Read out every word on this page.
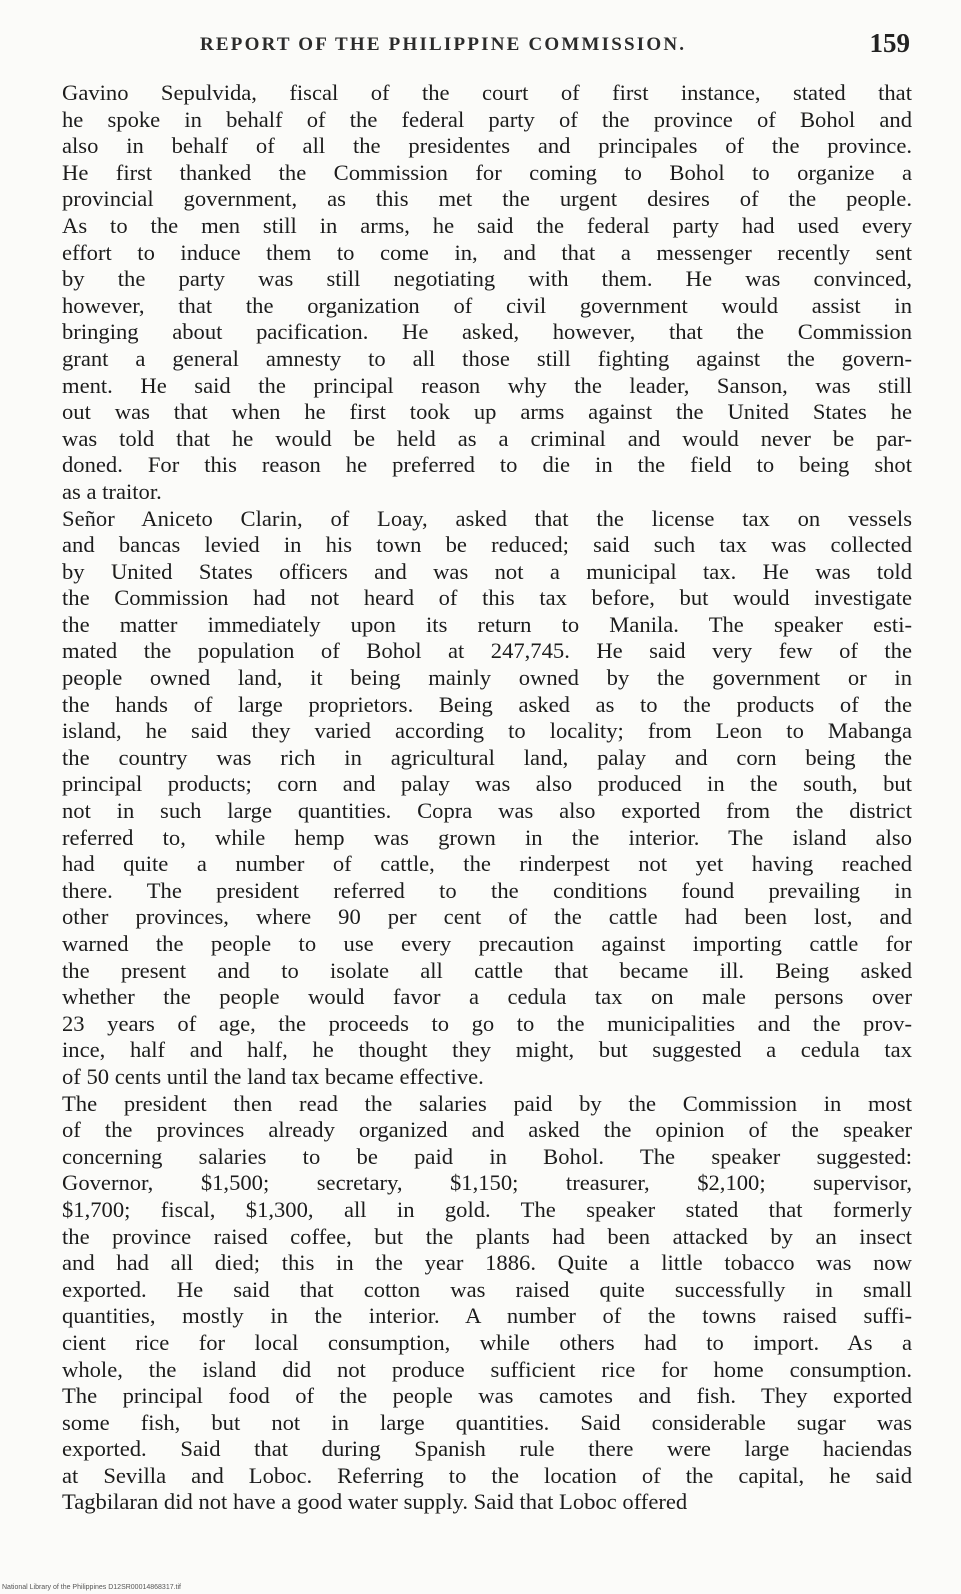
REPORT OF THE PHILIPPINE COMMISSION.	159

Gavino Sepulvida, fiscal of the court of first instance, stated that

he spoke in behalf of the federal party of the province of Bohol and

also in behalf of all the presidentes and principales of the province.

He first thanked the Commission for coming to Bohol to organize a

provincial government, as this met the urgent desires of the people.

As to the men still in arms, he said the federal party had used every

effort to induce them to come in, and that a messenger recently sent

by the party was still negotiating with them. He was convinced,

however, that the organization of civil government would assist in

bringing about pacification. He asked, however, that the Commission

grant a general amnesty to all those still fighting against the govern-

ment. He said the principal reason why the leader, Sanson, was still

out was that when he first took up arms against the United States he

was told that he would be held as a criminal and would never be par-

doned. For this reason he preferred to die in the field to being shot

as a traitor.

Señor Aniceto Clarin, of Loay, asked that the license tax on vessels

and bancas levied in his town be reduced; said such tax was collected

by United States officers and was not a municipal tax. He was told

the Commission had not heard of this tax before, but would investigate

the matter immediately upon its return to Manila. The speaker esti-

mated the population of Bohol at 247,745. He said very few of the

people owned land, it being mainly owned by the government or in

the hands of large proprietors. Being asked as to the products of the

island, he said they varied according to locality; from Leon to Mabanga

the country was rich in agricultural land, palay and corn being the

principal products; corn and palay was also produced in the south, but

not in such large quantities. Copra was also exported from the district

referred to, while hemp was grown in the interior. The island also

had quite a number of cattle, the rinderpest not yet having reached

there. The president referred to the conditions found prevailing in

other provinces, where 90 per cent of the cattle had been lost, and

warned the people to use every precaution against importing cattle for

the present and to isolate all cattle that became ill. Being asked

whether the people would favor a cedula tax on male persons over

23 years of age, the proceeds to go to the municipalities and the prov-

ince, half and half, he thought they might, but suggested a cedula tax

of 50 cents until the land tax became effective.

The president then read the salaries paid by the Commission in most

of the provinces already organized and asked the opinion of the speaker

concerning salaries to be paid in Bohol. The speaker suggested:

Governor, $1,500; secretary, $1,150; treasurer, $2,100; supervisor,

$1,700; fiscal, $1,300, all in gold. The speaker stated that formerly

the province raised coffee, but the plants had been attacked by an insect

and had all died; this in the year 1886. Quite a little tobacco was now

exported. He said that cotton was raised quite successfully in small

quantities, mostly in the interior. A number of the towns raised suffi-

cient rice for local consumption, while others had to import. As a

whole, the island did not produce sufficient rice for home consumption.

The principal food of the people was camotes and fish. They exported

some fish, but not in large quantities. Said considerable sugar was

exported. Said that during Spanish rule there were large haciendas

at Sevilla and Loboc. Referring to the location of the capital, he said

Tagbilaran did not have a good water supply. Said that Loboc offered

National Library of the Philippines D12SR00014868317.tif
